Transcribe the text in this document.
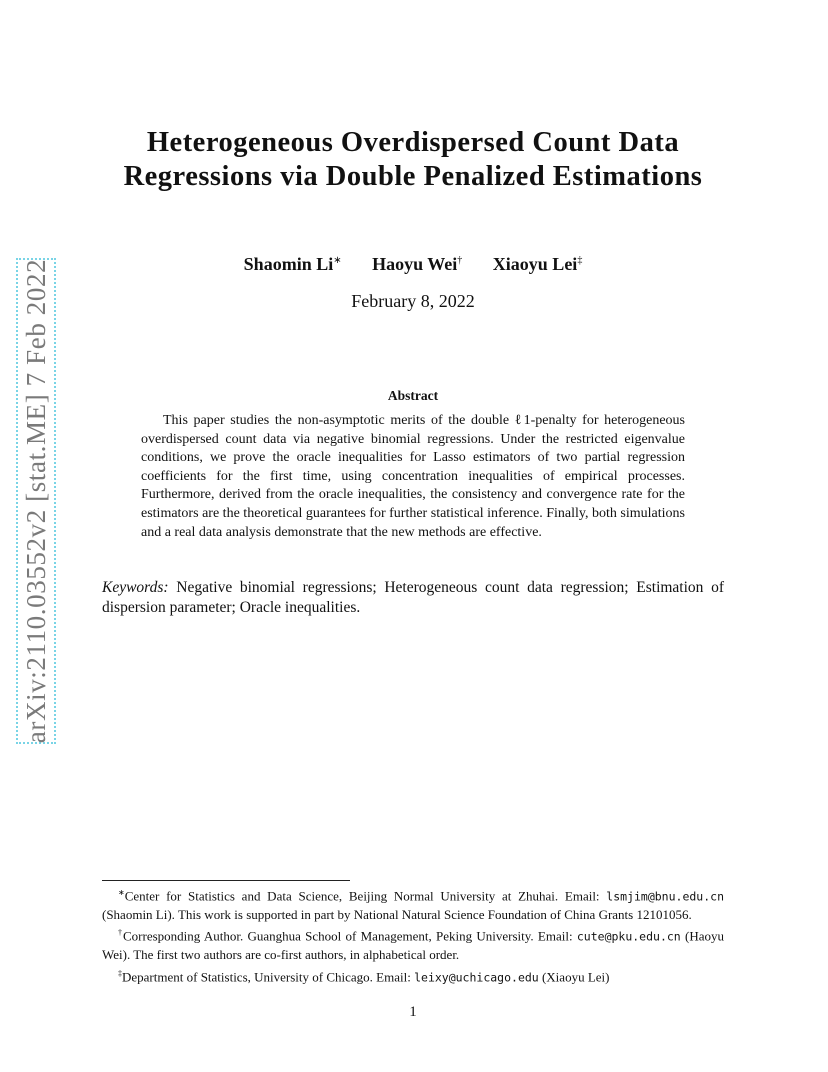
arXiv:2110.03552v2 [stat.ME] 7 Feb 2022
Heterogeneous Overdispersed Count Data Regressions via Double Penalized Estimations
Shaomin Li∗ Haoyu Wei† Xiaoyu Lei‡
February 8, 2022
Abstract

This paper studies the non-asymptotic merits of the double ℓ1-penalty for heterogeneous overdispersed count data via negative binomial regressions. Under the restricted eigenvalue conditions, we prove the oracle inequalities for Lasso estimators of two partial regression coefficients for the first time, using concentration inequalities of empirical processes. Furthermore, derived from the oracle inequalities, the consistency and convergence rate for the estimators are the theoretical guarantees for further statistical inference. Finally, both simulations and a real data analysis demonstrate that the new methods are effective.

Keywords: Negative binomial regressions; Heterogeneous count data regression; Estimation of dispersion parameter; Oracle inequalities.

∗Center for Statistics and Data Science, Beijing Normal University at Zhuhai. Email: lsmjim@bnu.edu.cn (Shaomin Li). This work is supported in part by National Natural Science Foundation of China Grants 12101056.

†Corresponding Author. Guanghua School of Management, Peking University. Email: cute@pku.edu.cn (Haoyu Wei). The first two authors are co-first authors, in alphabetical order.

‡Department of Statistics, University of Chicago. Email: leixy@uchicago.edu (Xiaoyu Lei)

1
